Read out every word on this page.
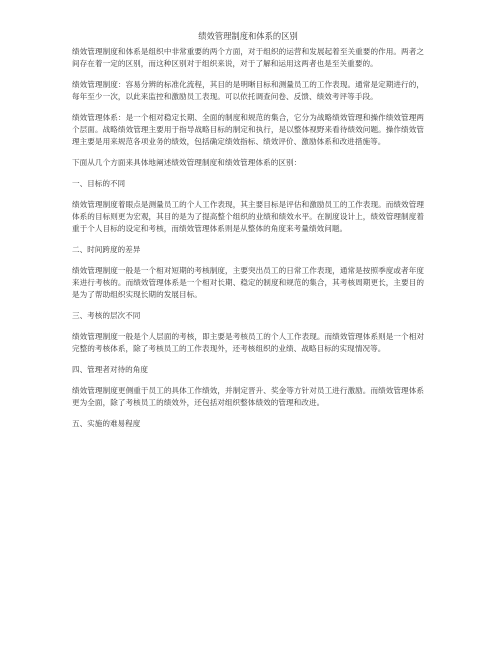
绩效管理制度和体系的区别
绩效管理制度和体系是组织中非常重要的两个方面，对于组织的运营和发展起着至关重要的作用。两者之间存在着一定的区别，而这种区别对于组织来说，对于了解和运用这两者也是至关重要的。
绩效管理制度：容易分辨的标准化流程，其目的是明晰目标和测量员工的工作表现。通常是定期进行的，每年至少一次，以此来监控和激励员工表现。可以依托调查问卷、反馈、绩效考评等手段。
绩效管理体系：是一个相对稳定长期、全面的制度和规范的集合，它分为战略绩效管理和操作绩效管理两个层面。战略绩效管理主要用于指导战略目标的制定和执行，是以整体视野来看待绩效问题。操作绩效管理主要是用来规范各项业务的绩效，包括确定绩效指标、绩效评价、激励体系和改进措施等。
下面从几个方面来具体地阐述绩效管理制度和绩效管理体系的区别：
一、目标的不同
绩效管理制度着眼点是测量员工的个人工作表现，其主要目标是评估和激励员工的工作表现。而绩效管理体系的目标则更为宏观，其目的是为了提高整个组织的业绩和绩效水平。在制度设计上，绩效管理制度着重于个人目标的设定和考核，而绩效管理体系则是从整体的角度来考量绩效问题。
二、时间跨度的差异
绩效管理制度一般是一个相对短期的考核制度，主要突出员工的日常工作表现，通常是按照季度或者年度来进行考核的。而绩效管理体系是一个相对长期、稳定的制度和规范的集合，其考核周期更长，主要目的是为了帮助组织实现长期的发展目标。
三、考核的层次不同
绩效管理制度一般是个人层面的考核，即主要是考核员工的个人工作表现。而绩效管理体系则是一个相对完整的考核体系，除了考核员工的工作表现外，还考核组织的业绩、战略目标的实现情况等。
四、管理者对待的角度
绩效管理制度更侧重于员工的具体工作绩效，并制定晋升、奖金等方针对员工进行激励。而绩效管理体系更为全面，除了考核员工的绩效外，还包括对组织整体绩效的管理和改进。
五、实施的难易程度
